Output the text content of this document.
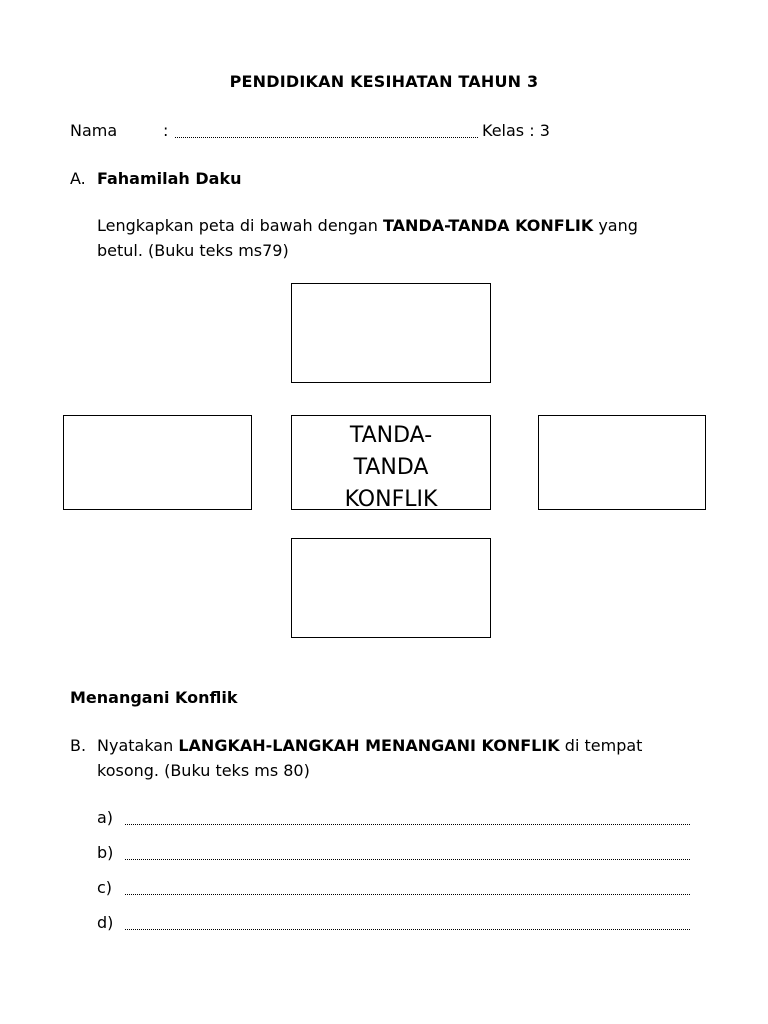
PENDIDIKAN KESIHATAN TAHUN 3
Nama	:
	Kelas : 3
A. Fahamilah Daku
Lengkapkan peta di bawah dengan TANDA-TANDA KONFLIK yang
betul. (Buku teks ms79)
TANDA-
TANDA
KONFLIK
Menangani Konflik
B. Nyatakan LANGKAH-LANGKAH MENANGANI KONFLIK di tempat
kosong. (Buku teks ms 80)
a)
b)
c)
d)
